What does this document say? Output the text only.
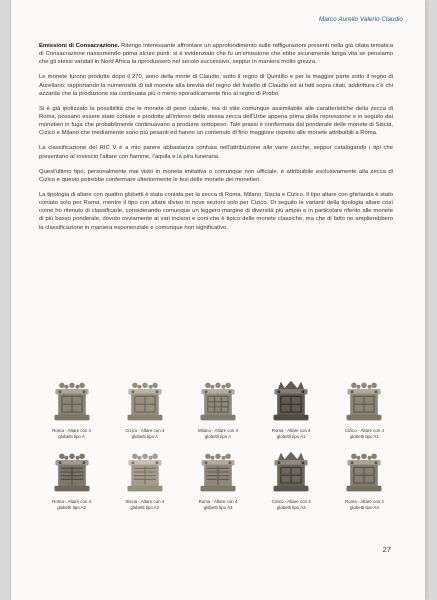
Marco Aurelio Valerio Claudio

Emissioni di Consacrazione. Ritengo interessante affrontare un approfondimento sulle raffigurazioni presenti nella già citata tematica di Consacrazione riassumendo prima alcuni punti: si è evidenziato che fu un'emissione che ebbe sicuramente lunga vita se pensiamo che gli stessi vandali in Nord Africa la riprodussero nel secolo successivo, seppur in maniera molto grezza.

Le monete furono prodotte dopo il 270, anno della morte di Claudio, sotto il regno di Quintillo e per la maggior parte sotto il regno di Aureliano; rapportando la numerosità di tali monete alla brevità del regno del fratello di Claudio ed ai fatti sopra citati, addirittura c'è chi azzarda che la produzione sia continuata più o meno sporadicamente fino al regno di Probo.

Si è già ipotizzato la possibilità che le monete di peso calante, ma di stile comunque assimilabile alle caratteristiche della zecca di Roma, possano essere state coniate e prodotte all'interno della stessa zecca dell'Urbe appena prima della repressione e in seguito dai monetieri in fuga che probabilmente continuavano a produrre sottopeso. Tale prassi è confermata dal ponderale delle monete di Siscia, Cizico e Milano che mediamente sono più pesanti ed hanno un contenuto di fino maggiore rispetto alle monete attribuibili a Roma.

La classificazione del RIC V è a mio parere abbastanza confusa nell'attribuzione alle varie zecche, seppur catalogando i tipi che presentano al rovescio l'altare con fiamme, l'aquila e la pira funeraria.

Quest'ultimo tipo, personalmente mai visto in moneta imitativa o comunque non ufficiale, è attribuibile esclusivamente alla zecca di Cizico e questo potrebbe confermare ulteriormente le tesi delle monete dei monetieri.

La tipologia di altare con quattro globetti è stata coniata per la zecca di Roma, Milano, Siscia e Cizico. Il tipo altare con ghirlanda è stato coniato solo per Roma, mentre il tipo con altare diviso in nove sezioni solo per Cizico. Di seguito le varianti della tipologia altare così come ho ritenuto di classificarle, considerando comunque un leggero margine di diversità più ampio e in particolare riferito alle monete di più basso ponderale, dovuto ovviamente ai vari incisori e coni che è tipico delle monete classiche, ma che di fatto ne amplierebbero la classificazione in maniera esponenziale e comunque non significativo.

Roma - Altare con 4
globetti tipo A
Cizico - Altare con 4
globetti tipo A
Milano - Altare con 4
globetti tipo A
Roma - Altare con 4
globetti tipo A1
Cizico - Altare con 4
globetti tipo A1
Roma - Altare con 4
globetti tipo A2
Siscia - Altare con 4
globetti tipo A2
Roma - Altare con 4
globetti tipo A3
Cizico - Altare con 4
globetti tipo A3
Roma - Altare con 4
globetti tipo A4
27
